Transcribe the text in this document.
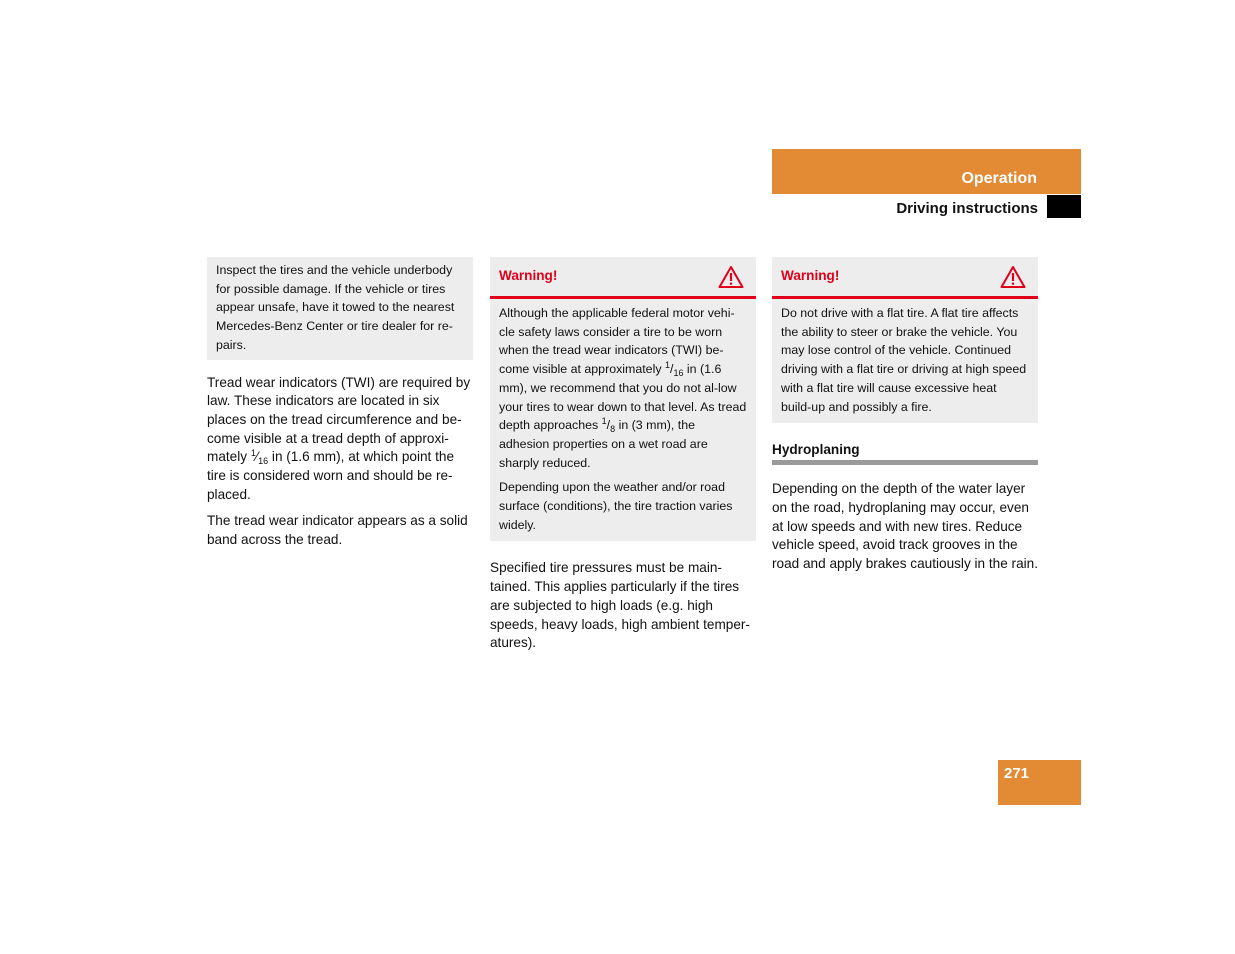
Operation
Driving instructions
Inspect the tires and the vehicle underbody for possible damage. If the vehicle or tires appear unsafe, have it towed to the nearest Mercedes-Benz Center or tire dealer for re-pairs.

Tread wear indicators (TWI) are required by law. These indicators are located in six places on the tread circumference and be-come visible at a tread depth of approxi-mately $^1⁄_{16}$ in (1.6 mm), at which point the tire is considered worn and should be re-placed.

The tread wear indicator appears as a solid band across the tread.

Warning!

Although the applicable federal motor vehi-cle safety laws consider a tire to be worn when the tread wear indicators (TWI) be-come visible at approximately $^1/_{16}$ in (1.6 mm), we recommend that you do not al-low your tires to wear down to that level. As tread depth approaches $^1/_8$ in (3 mm), the adhesion properties on a wet road are sharply reduced.

Depending upon the weather and/or road surface (conditions), the tire traction varies widely.

Specified tire pressures must be main-tained. This applies particularly if the tires are subjected to high loads (e.g. high speeds, heavy loads, high ambient temper-atures).

Warning!

Do not drive with a flat tire. A flat tire affects the ability to steer or brake the vehicle. You may lose control of the vehicle. Continued driving with a flat tire or driving at high speed with a flat tire will cause excessive heat build-up and possibly a fire.

Hydroplaning

Depending on the depth of the water layer on the road, hydroplaning may occur, even at low speeds and with new tires. Reduce vehicle speed, avoid track grooves in the road and apply brakes cautiously in the rain.

271
